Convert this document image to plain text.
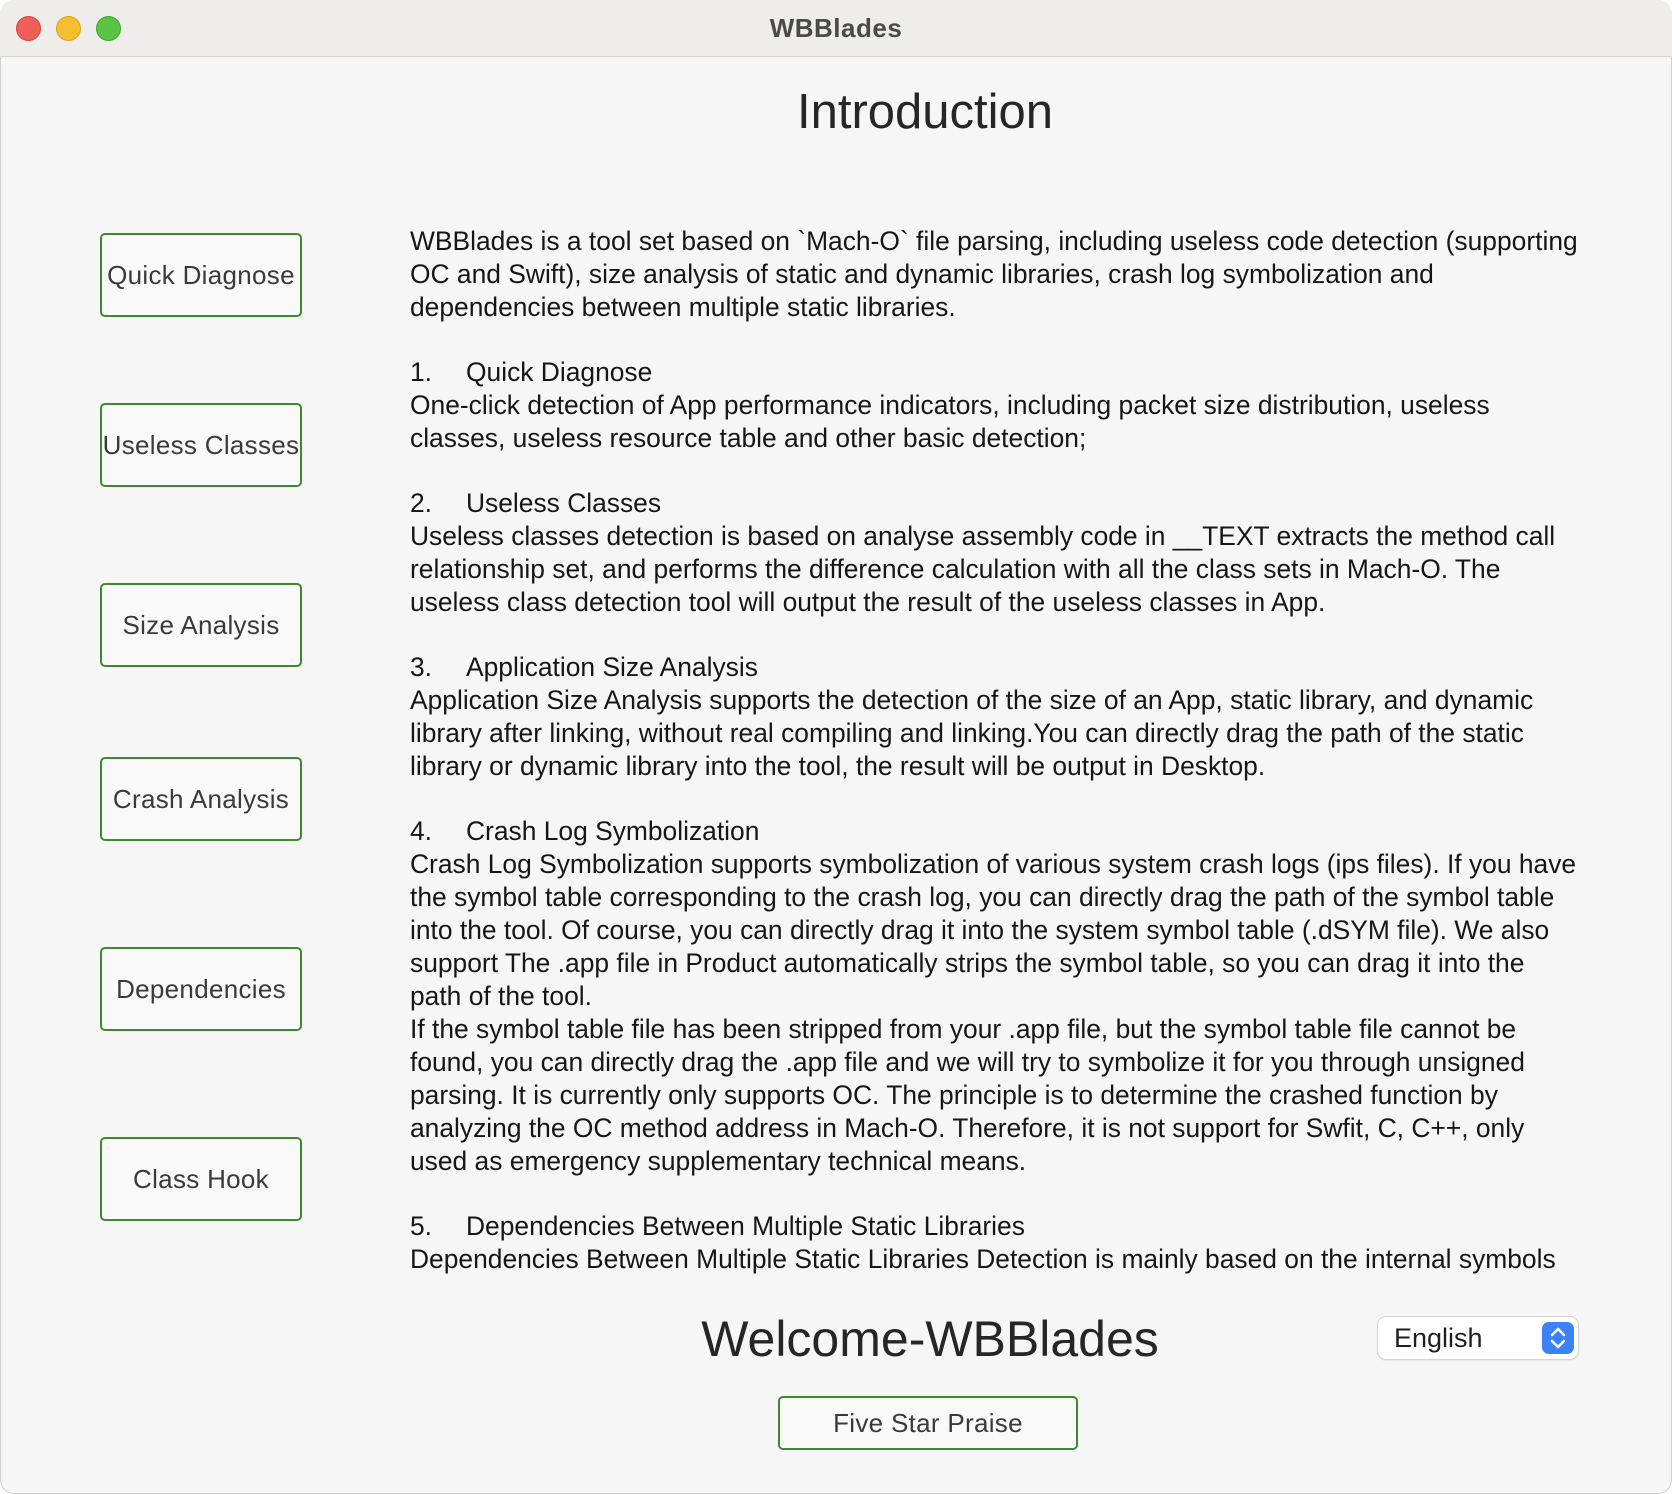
WBBlades
Introduction
Quick Diagnose
Useless Classes
Size Analysis
Crash Analysis
Dependencies
Class Hook

WBBlades is a tool set based on `Mach-O` file parsing, including useless code detection (supporting OC and Swift), size analysis of static and dynamic libraries, crash log symbolization and dependencies between multiple static libraries.

1.	Quick Diagnose
One-click detection of App performance indicators, including packet size distribution, useless classes, useless resource table and other basic detection;
2.	Useless Classes
Useless classes detection is based on analyse assembly code in __TEXT extracts the method call relationship set, and performs the difference calculation with all the class sets in Mach-O. The useless class detection tool will output the result of the useless classes in App.
3.	Application Size Analysis
Application Size Analysis supports the detection of the size of an App, static library, and dynamic library after linking, without real compiling and linking.You can directly drag the path of the static library or dynamic library into the tool, the result will be output in Desktop.
4.	Crash Log Symbolization
Crash Log Symbolization supports symbolization of various system crash logs (ips files). If you have the symbol table corresponding to the crash log, you can directly drag the path of the symbol table into the tool. Of course, you can directly drag it into the system symbol table (.dSYM file). We also support The .app file in Product automatically strips the symbol table, so you can drag it into the path of the tool.
If the symbol table file has been stripped from your .app file, but the symbol table file cannot be found, you can directly drag the .app file and we will try to symbolize it for you through unsigned parsing. It is currently only supports OC. The principle is to determine the crashed function by analyzing the OC method address in Mach-O. Therefore, it is not support for Swfit, C, C++, only used as emergency supplementary technical means.
5.	Dependencies Between Multiple Static Libraries
Dependencies Between Multiple Static Libraries Detection is mainly based on the internal symbols
Welcome-WBBlades	English
Five Star Praise
